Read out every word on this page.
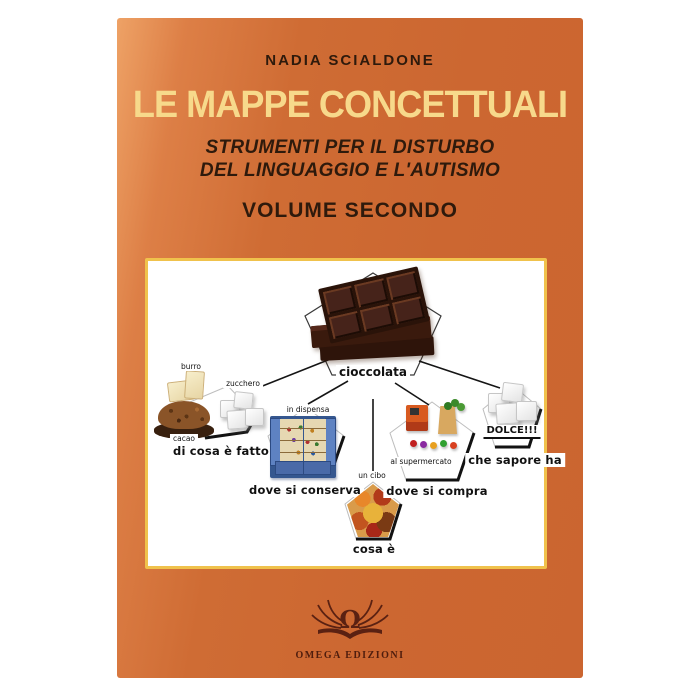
NADIA SCIALDONE
LE MAPPE CONCETTUALI
STRUMENTI PER IL DISTURBO
DEL LINGUAGGIO E L'AUTISMO
VOLUME SECONDO
cioccolata
burro
zucchero
cacao
di cosa è fatto
in dispensa
dove si conserva
un cibo
cosa è
al supermercato
dove si compra
DOLCE!!!
che sapore ha
Ω
OMEGA EDIZIONI
